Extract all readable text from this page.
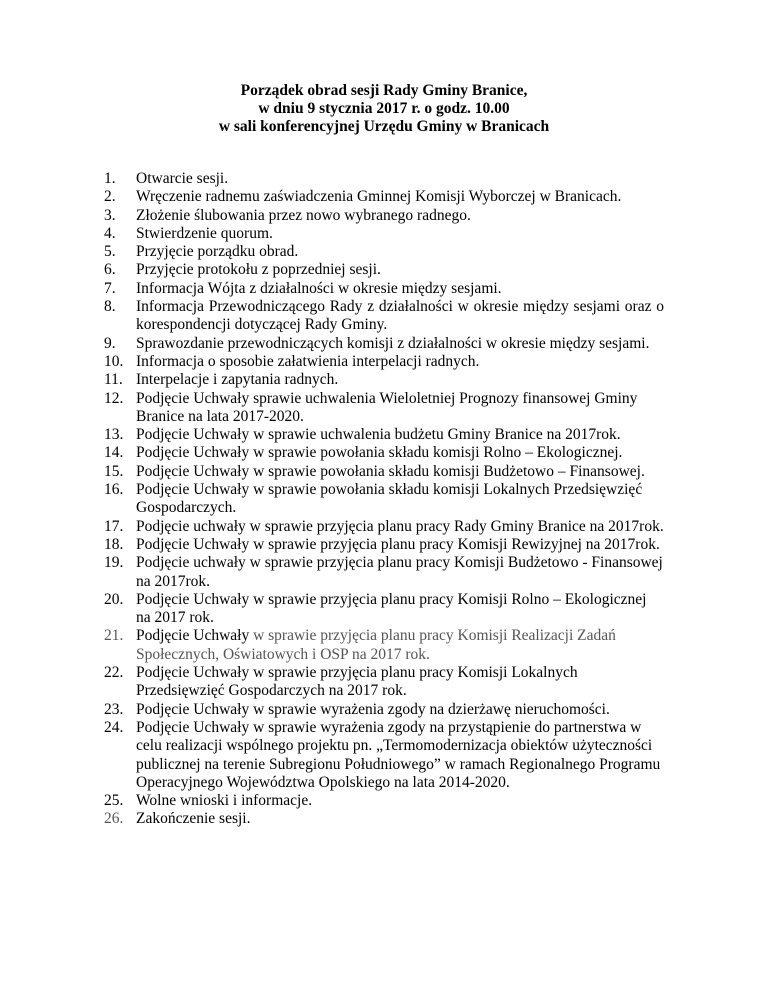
Porządek obrad sesji Rady Gminy Branice,
w dniu 9 stycznia 2017 r. o godz. 10.00
w sali konferencyjnej Urzędu Gminy w Branicach
1.	Otwarcie sesji.
2.	Wręczenie radnemu zaświadczenia Gminnej Komisji Wyborczej w Branicach.
3.	Złożenie ślubowania przez nowo wybranego radnego.
4.	Stwierdzenie quorum.
5.	Przyjęcie porządku obrad.
6.	Przyjęcie protokołu z poprzedniej sesji.
7.	Informacja Wójta z działalności w okresie między sesjami.
8.	Informacja Przewodniczącego Rady z działalności w okresie między sesjami oraz o korespondencji dotyczącej Rady Gminy.
9.	Sprawozdanie przewodniczących komisji z działalności w okresie między sesjami.
10. Informacja o sposobie załatwienia interpelacji radnych.
11. Interpelacje i zapytania radnych.
12. Podjęcie Uchwały sprawie uchwalenia Wieloletniej Prognozy finansowej Gminy Branice na lata 2017-2020.
13. Podjęcie Uchwały w sprawie uchwalenia budżetu Gminy Branice na 2017rok.
14. Podjęcie Uchwały w sprawie powołania składu komisji Rolno – Ekologicznej.
15. Podjęcie Uchwały w sprawie powołania składu komisji Budżetowo – Finansowej.
16. Podjęcie Uchwały w sprawie powołania składu komisji Lokalnych Przedsięwzięć Gospodarczych.
17. Podjęcie uchwały w sprawie przyjęcia planu pracy Rady Gminy Branice na 2017rok.
18. Podjęcie Uchwały w sprawie przyjęcia planu pracy Komisji Rewizyjnej na 2017rok.
19. Podjęcie uchwały w sprawie przyjęcia planu pracy Komisji Budżetowo - Finansowej na 2017rok.
20. Podjęcie Uchwały w sprawie przyjęcia planu pracy Komisji Rolno – Ekologicznej na 2017 rok.
21. Podjęcie Uchwały w sprawie przyjęcia planu pracy Komisji Realizacji Zadań Społecznych, Oświatowych i OSP na 2017 rok.
22. Podjęcie Uchwały w sprawie przyjęcia planu pracy Komisji Lokalnych Przedsięwzięć Gospodarczych na 2017 rok.
23. Podjęcie Uchwały w sprawie wyrażenia zgody na dzierżawę nieruchomości.
24. Podjęcie Uchwały w sprawie wyrażenia zgody na przystąpienie do partnerstwa w celu realizacji wspólnego projektu pn. „Termomodernizacja obiektów użyteczności publicznej na terenie Subregionu Południowego” w ramach Regionalnego Programu Operacyjnego Województwa Opolskiego na lata 2014-2020.
25. Wolne wnioski i informacje.
26. Zakończenie sesji.
